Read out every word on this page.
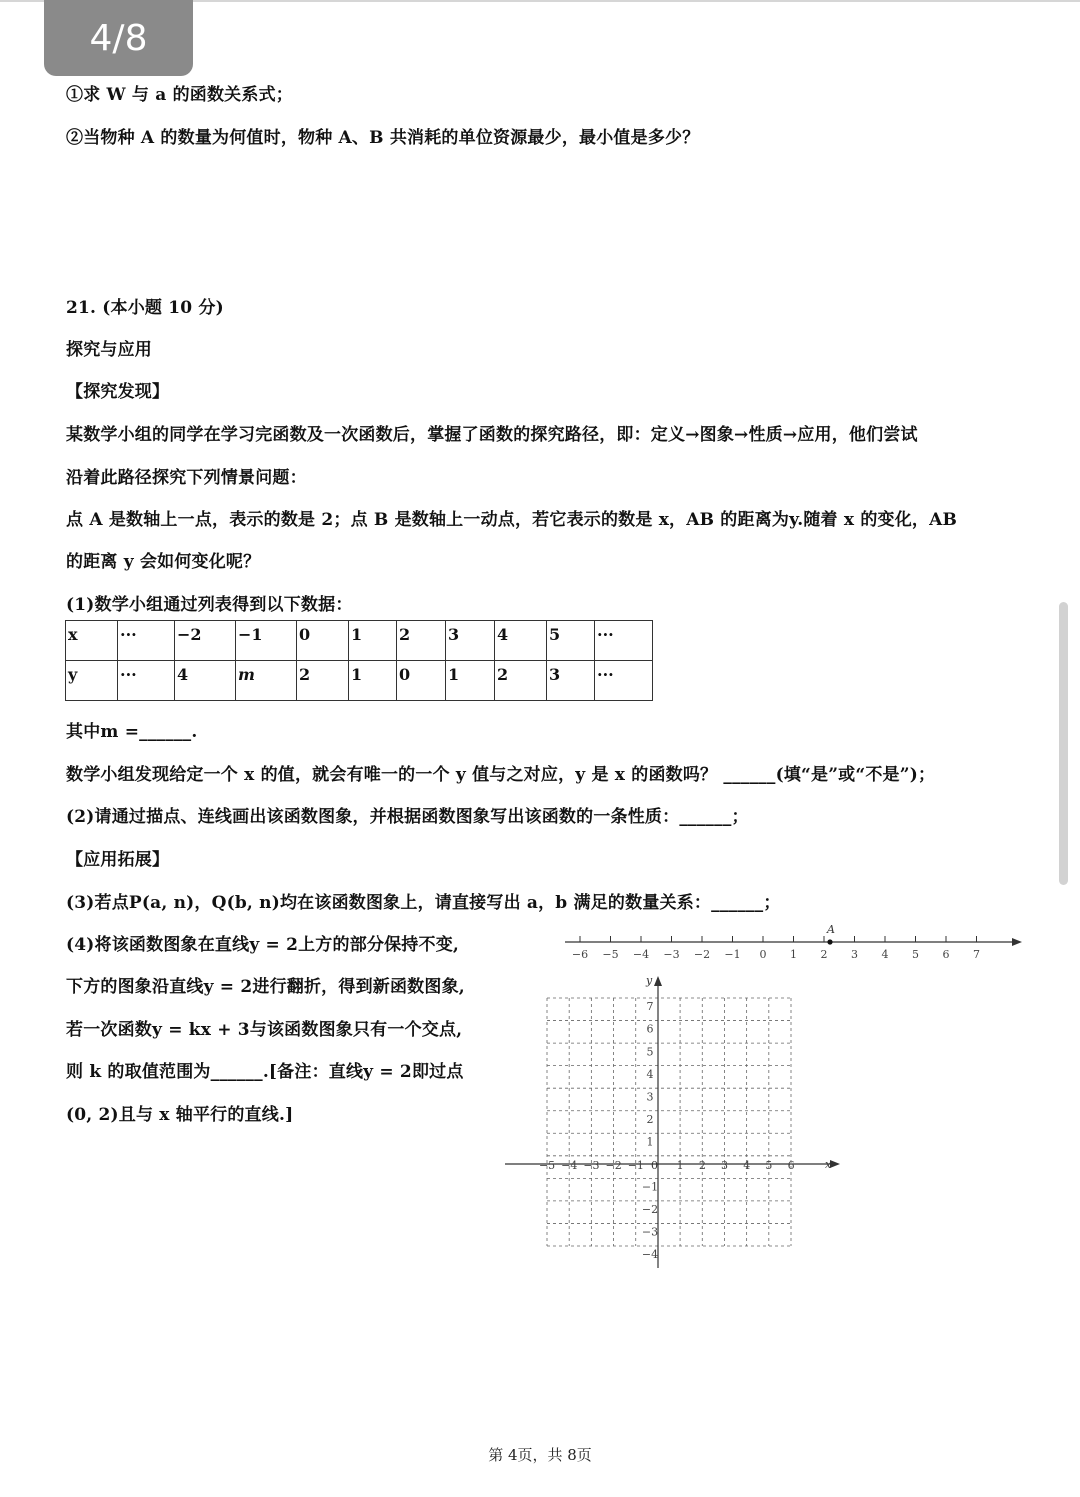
4/8
①求 W 与 a 的函数关系式；
②当物种 A 的数量为何值时，物种 A、B 共消耗的单位资源最少，最小值是多少？
21. (本小题 10 分)
探究与应用
【探究发现】
某数学小组的同学在学习完函数及一次函数后，掌握了函数的探究路径，即：定义→图象→性质→应用，他们尝试
沿着此路径探究下列情景问题：
点 A 是数轴上一点，表示的数是 2；点 B 是数轴上一动点，若它表示的数是 x，AB 的距离为y.随着 x 的变化，AB
的距离 y 会如何变化呢？
(1)数学小组通过列表得到以下数据：
x	···	−2	−1	0	1	2	3	4	5	···
y	···	4	m	2	1	0	1	2	3	···
其中m =______.
数学小组发现给定一个 x 的值，就会有唯一的一个 y 值与之对应，y 是 x 的函数吗？ ______(填“是”或“不是”)；
(2)请通过描点、连线画出该函数图象，并根据函数图象写出该函数的一条性质：______；
【应用拓展】
(3)若点P(a, n)，Q(b, n)均在该函数图象上，请直接写出 a，b 满足的数量关系：______；
(4)将该函数图象在直线y = 2上方的部分保持不变,
下方的图象沿直线y = 2进行翻折，得到新函数图象,
若一次函数y = kx + 3与该函数图象只有一个交点,
则 k 的取值范围为______.[备注：直线y = 2即过点
(0, 2)且与 x 轴平行的直线.]
−6 −5 −4 −3 −2 −1 0 1 2 3 4 5 6 7
A
x
y
0
−5 −4 −3 −2 −1	1 2 3 4 5 6
7
6
5
4
3
2
1
−1
−2
−3
−4
第 4页，共 8页
